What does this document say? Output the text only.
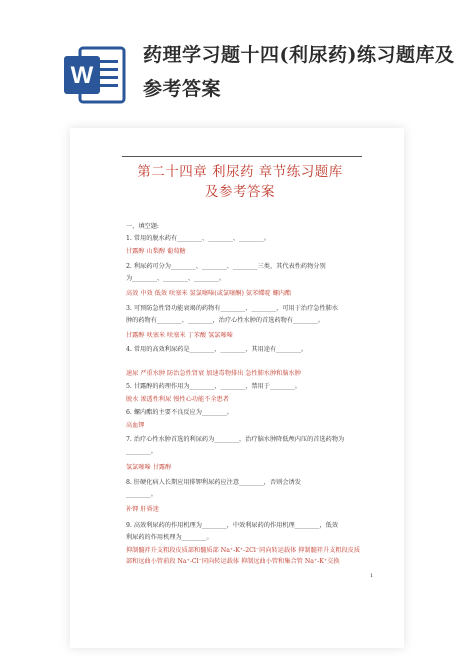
W
药理学习题十四(利尿药)练习题库及参考答案
第二十四章 利尿药 章节练习题库
及参考答案
一、填空题:
1. 常用的脱水药有________、________、________。
甘露醇 山梨醇 葡萄糖
2. 利尿药可分为________、________、________三类，其代表性药物分别
为________、________、________。
高效 中效 低效 呋塞米 氢氯噻嗪(或氯噻酮) 氨苯蝶啶 螺内酯
3. 可预防急性肾功能衰竭的药物有________、________，可用于治疗急性肺水
肿的药物有________、________，治疗心性水肿的首选药物有________。
甘露醇 呋塞米 呋塞米 丁苯酸 氢氯噻嗪
4. 常用的高效利尿药是________、________，其用途有________。
速尿 严重水肿 防治急性肾衰 加速毒物排出 急性肺水肿和脑水肿
5. 甘露醇的药理作用为________，________，禁用于________。
脱水 渗透性利尿 慢性心功能不全患者
6. 螺内酯的主要不良反应为________。
高血钾
7. 治疗心性水肿首选的利尿药为________，治疗脑水肿降低颅内压的首选药物为
________。
氢氯噻嗪 甘露醇
8. 肝硬化病人长期应用排钾利尿药应注意________，否则会诱发
________。
补钾 肝昏迷
9. 高效利尿药的作用机理为________，中效利尿药的作用机理________，低效
利尿药的作用机理为________。
抑制髓袢升支粗段皮质部和髓质部 Na⁺-K⁺-2Cl⁻同向转运载体 抑制髓袢升支粗段皮质
部和远曲小管前段 Na⁺-Cl⁻同向转运载体 抑制远曲小管和集合管 Na⁺-K⁺交换
1
